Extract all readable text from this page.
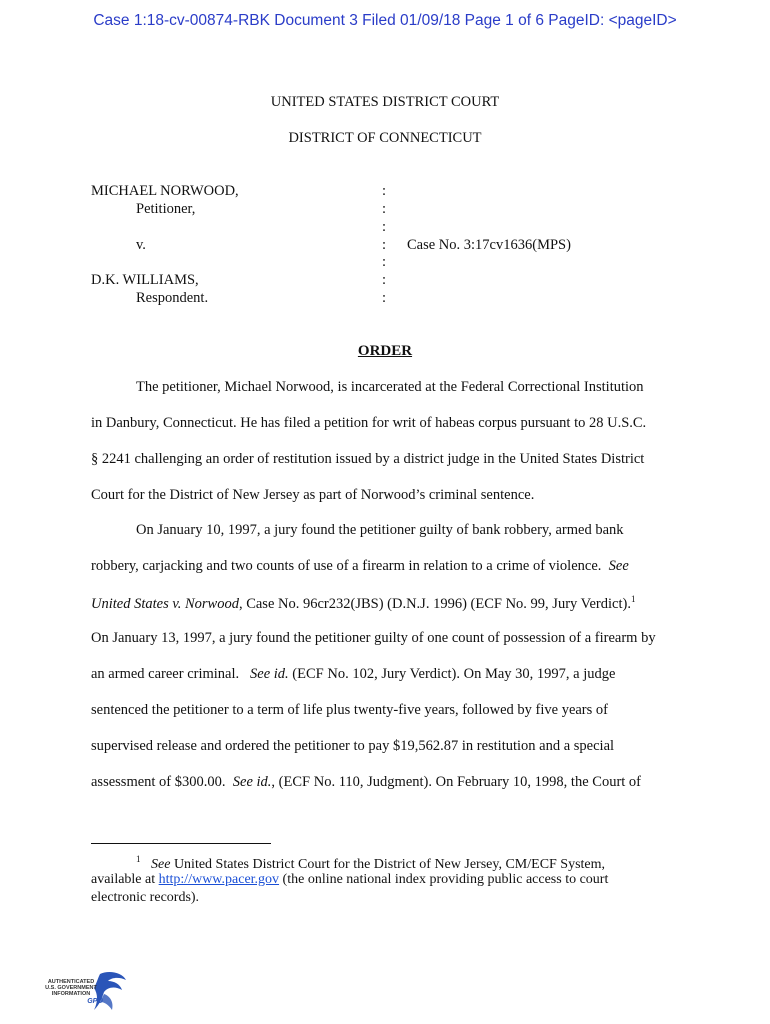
Case 1:18-cv-00874-RBK Document 3 Filed 01/09/18 Page 1 of 6 PageID: <pageID>
UNITED STATES DISTRICT COURT
DISTRICT OF CONNECTICUT
MICHAEL NORWOOD,
Petitioner,
v.
D.K. WILLIAMS,
Respondent.
:
:
:
:
:
:
:
Case No. 3:17cv1636(MPS)
ORDER
The petitioner, Michael Norwood, is incarcerated at the Federal Correctional Institution
in Danbury, Connecticut. He has filed a petition for writ of habeas corpus pursuant to 28 U.S.C.
§ 2241 challenging an order of restitution issued by a district judge in the United States District
Court for the District of New Jersey as part of Norwood’s criminal sentence.
On January 10, 1997, a jury found the petitioner guilty of bank robbery, armed bank
robbery, carjacking and two counts of use of a firearm in relation to a crime of violence. See
United States v. Norwood, Case No. 96cr232(JBS) (D.N.J. 1996) (ECF No. 99, Jury Verdict).$^1$
On January 13, 1997, a jury found the petitioner guilty of one count of possession of a firearm by
an armed career criminal. See id. (ECF No. 102, Jury Verdict). On May 30, 1997, a judge
sentenced the petitioner to a term of life plus twenty-five years, followed by five years of
supervised release and ordered the petitioner to pay $19,562.87 in restitution and a special
assessment of $300.00. See id., (ECF No. 110, Judgment). On February 10, 1998, the Court of
$^1$ See United States District Court for the District of New Jersey, CM/ECF System,
available at http://www.pacer.gov (the online national index providing public access to court
electronic records).
AUTHENTICATED
U.S. GOVERNMENT
INFORMATION
GPO
